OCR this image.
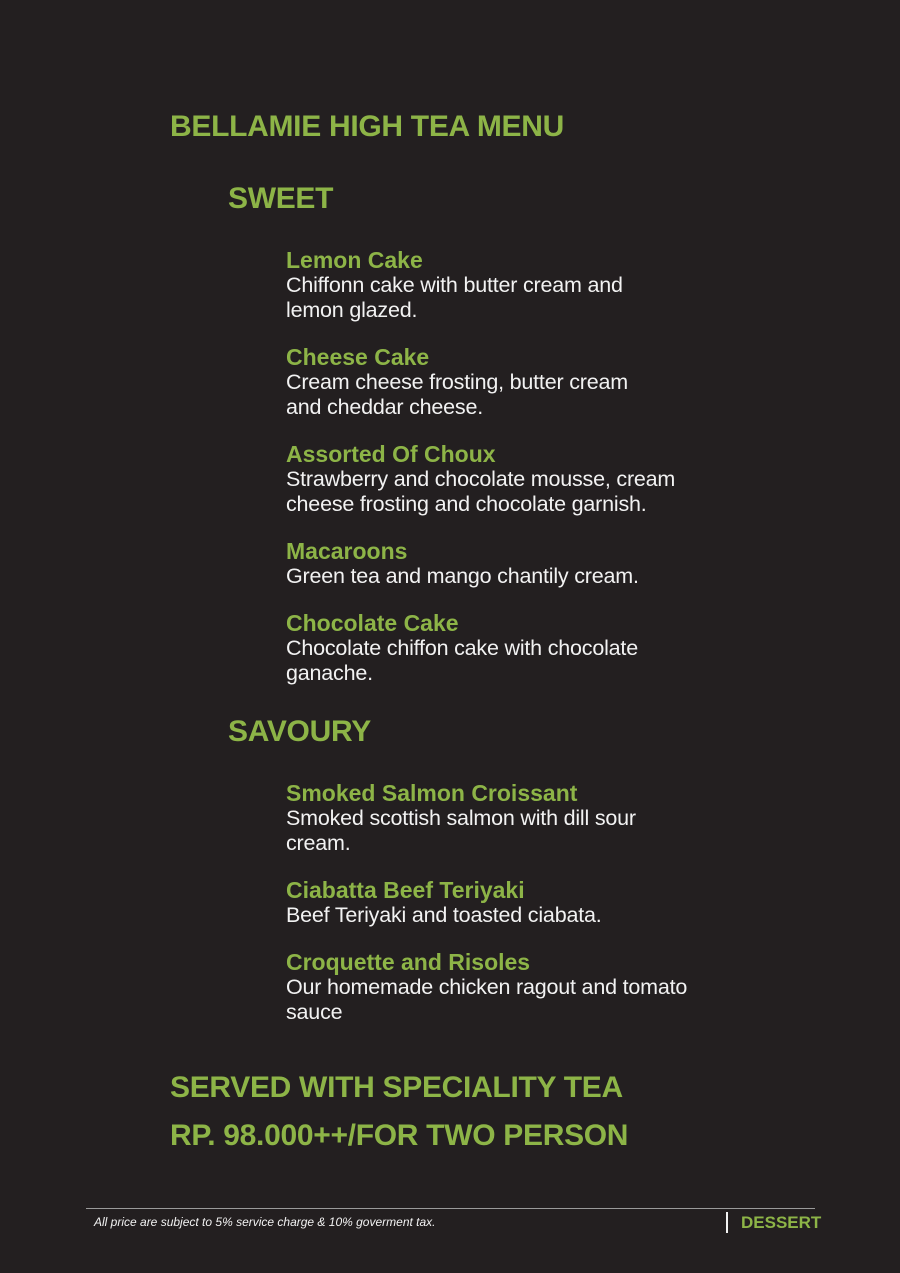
BELLAMIE HIGH TEA MENU
SWEET
Lemon Cake
Chiffonn cake with butter cream and
lemon glazed.
Cheese Cake
Cream cheese frosting, butter cream
and cheddar cheese.
Assorted Of Choux
Strawberry and chocolate mousse, cream
cheese frosting and chocolate garnish.
Macaroons
Green tea and mango chantily cream.
Chocolate Cake
Chocolate chiffon cake with chocolate
ganache.
SAVOURY
Smoked Salmon Croissant
Smoked scottish salmon with dill sour
cream.
Ciabatta Beef Teriyaki
Beef Teriyaki and toasted ciabata.
Croquette and Risoles
Our homemade chicken ragout and tomato
sauce
SERVED WITH SPECIALITY TEA
RP. 98.000++/FOR TWO PERSON
All price are subject to 5% service charge & 10% goverment tax.	DESSERT
